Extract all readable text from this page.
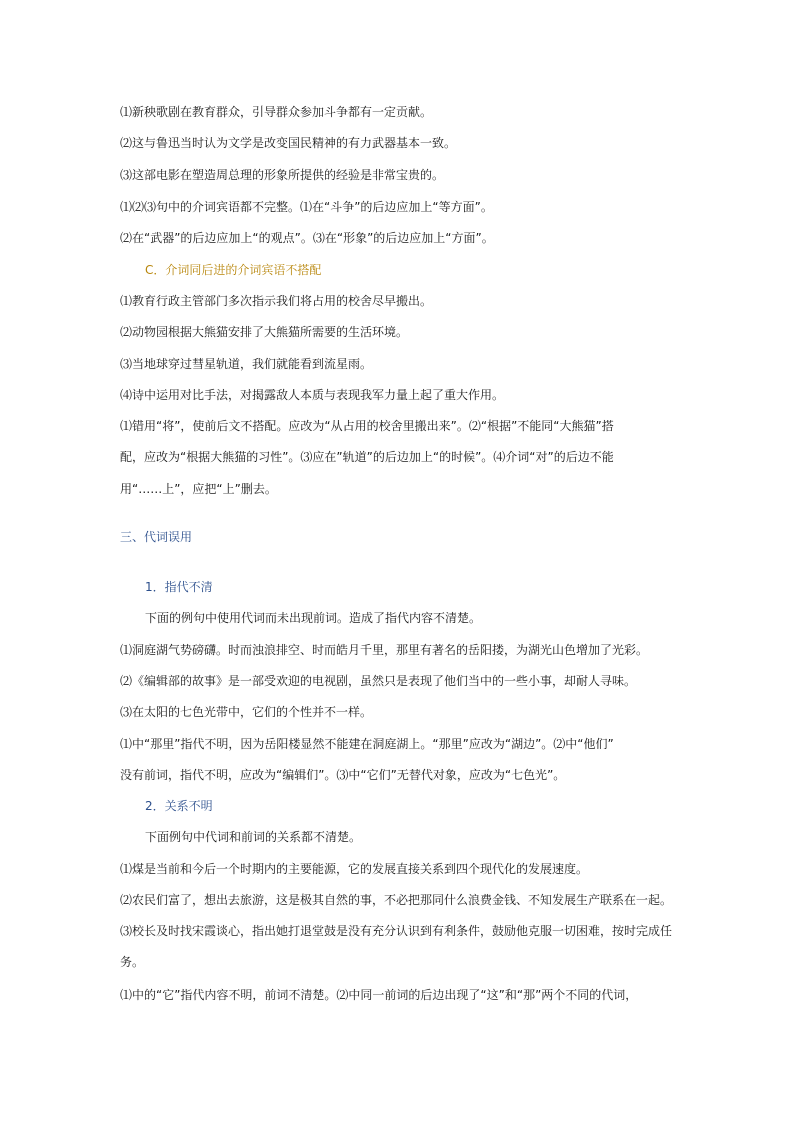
⑴新秧歌剧在教育群众，引导群众参加斗争都有一定贡献。
⑵这与鲁迅当时认为文学是改变国民精神的有力武器基本一致。
⑶这部电影在塑造周总理的形象所提供的经验是非常宝贵的。
⑴⑵⑶句中的介词宾语都不完整。⑴在“斗争”的后边应加上“等方面”。
⑵在“武器”的后边应加上“的观点”。⑶在“形象”的后边应加上“方面”。
C．介词同后进的介词宾语不搭配
⑴教育行政主管部门多次指示我们将占用的校舍尽早搬出。
⑵动物园根据大熊猫安排了大熊猫所需要的生活环境。
⑶当地球穿过彗星轨道，我们就能看到流星雨。
⑷诗中运用对比手法，对揭露敌人本质与表现我军力量上起了重大作用。
⑴错用“将”，使前后文不搭配。应改为“从占用的校舍里搬出来”。⑵“根据”不能同“大熊猫”搭
配，应改为“根据大熊猫的习性”。⑶应在”轨道”的后边加上“的时候”。⑷介词“对”的后边不能
用“……上”，应把“上”删去。
三、代词误用
1．指代不清
下面的例句中使用代词而未出现前词。造成了指代内容不清楚。
⑴洞庭湖气势磅礴。时而浊浪排空、时而皓月千里，那里有著名的岳阳搂，为湖光山色增加了光彩。
⑵《编辑部的故事》是一部受欢迎的电视剧，虽然只是表现了他们当中的一些小事，却耐人寻味。
⑶在太阳的七色光带中，它们的个性并不一样。
⑴中“那里”指代不明，因为岳阳楼显然不能建在洞庭湖上。“那里”应改为“湖边”。⑵中“他们”
没有前词，指代不明，应改为“编辑们”。⑶中“它们”无替代对象，应改为“七色光”。
2．关系不明
下面例句中代词和前词的关系都不清楚。
⑴煤是当前和今后一个时期内的主要能源，它的发展直接关系到四个现代化的发展速度。
⑵农民们富了，想出去旅游，这是极其自然的事，不必把那同什么浪费金钱、不知发展生产联系在一起。
⑶校长及时找宋霞谈心，指出她打退堂鼓是没有充分认识到有利条件，鼓励他克服一切困难，按时完成任
务。
⑴中的“它”指代内容不明，前词不清楚。⑵中同一前词的后边出现了“这”和“那”两个不同的代词，
